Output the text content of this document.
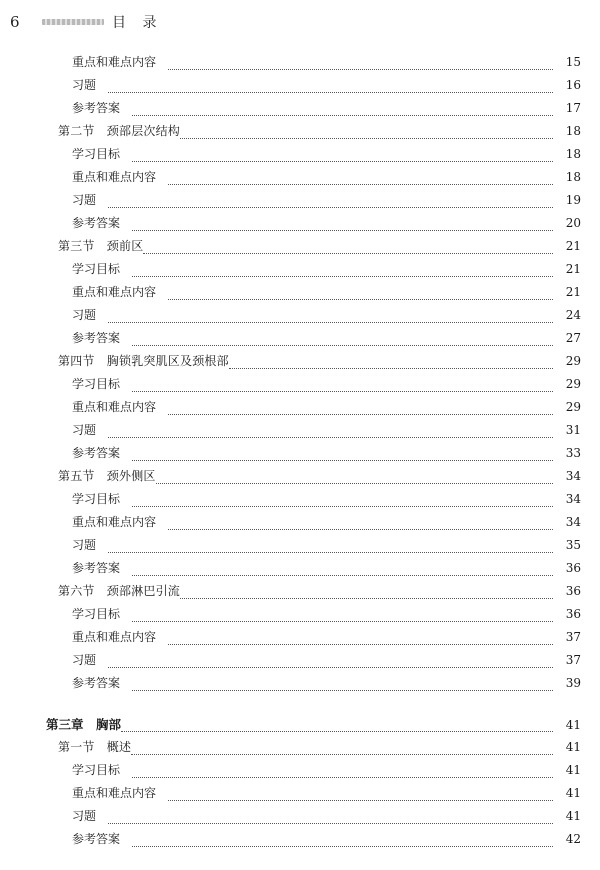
6	目 录
重点和难点内容	15
习题	16
参考答案	17
第二节　颈部层次结构	18
学习目标	18
重点和难点内容	18
习题	19
参考答案	20
第三节　颈前区	21
学习目标	21
重点和难点内容	21
习题	24
参考答案	27
第四节　胸锁乳突肌区及颈根部	29
学习目标	29
重点和难点内容	29
习题	31
参考答案	33
第五节　颈外侧区	34
学习目标	34
重点和难点内容	34
习题	35
参考答案	36
第六节　颈部淋巴引流	36
学习目标	36
重点和难点内容	37
习题	37
参考答案	39
第三章　胸部	41
第一节　概述	41
学习目标	41
重点和难点内容	41
习题	41
参考答案	42
